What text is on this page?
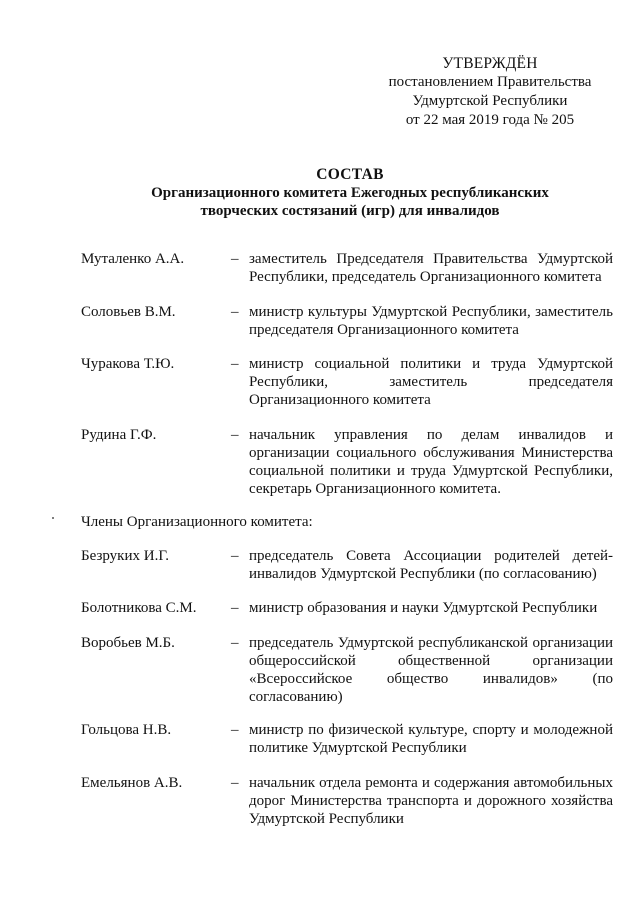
УТВЕРЖДЁН
постановлением Правительства
Удмуртской Республики
от 22 мая 2019 года № 205
СОСТАВ
Организационного комитета Ежегодных республиканских
творческих состязаний (игр) для инвалидов
Муталенко А.А.	– заместитель Председателя Правительства Удмуртской Республики, председатель Организационного комитета
Соловьев В.М.	– министр культуры Удмуртской Республики, заместитель председателя Организационного комитета
Чуракова Т.Ю.	– министр социальной политики и труда Удмуртской Республики, заместитель председателя Организационного комитета
Рудина Г.Ф.	– начальник управления по делам инвалидов и организации социального обслуживания Министерства социальной политики и труда Удмуртской Республики, секретарь Организационного комитета.
Члены Организационного комитета:
Безруких И.Г.	– председатель Совета Ассоциации родителей детей-инвалидов Удмуртской Республики (по согласованию)
Болотникова С.М.	– министр образования и науки Удмуртской Республики
Воробьев М.Б.	– председатель Удмуртской республиканской организации общероссийской общественной организации «Всероссийское общество инвалидов» (по согласованию)
Гольцова Н.В.	– министр по физической культуре, спорту и молодежной политике Удмуртской Республики
Емельянов А.В.	– начальник отдела ремонта и содержания автомобильных дорог Министерства транспорта и дорожного хозяйства Удмуртской Республики
